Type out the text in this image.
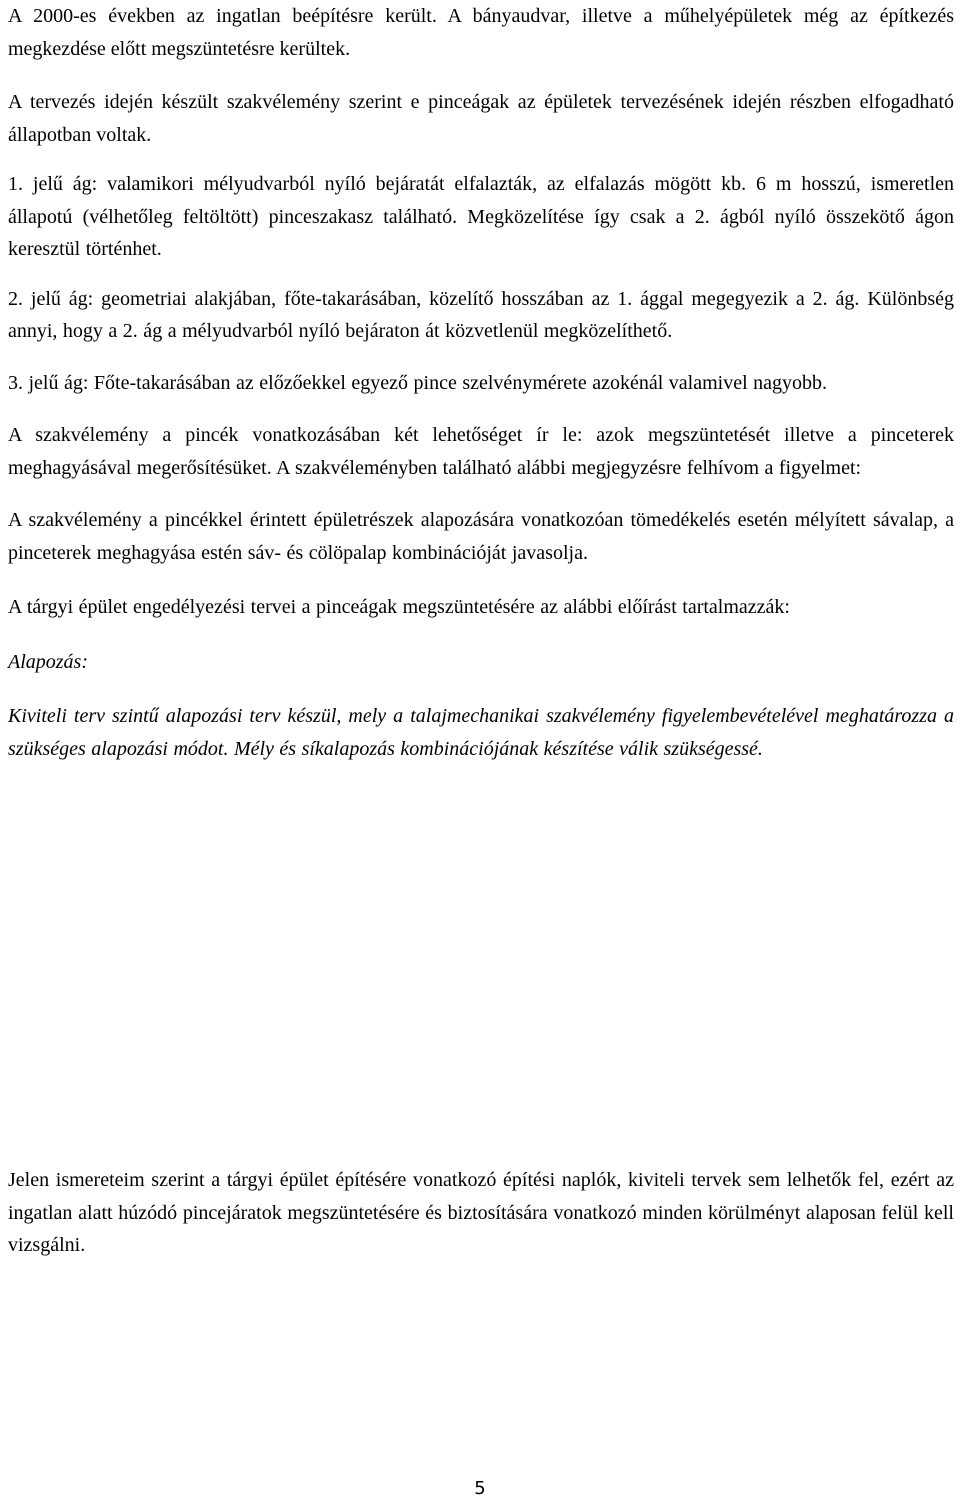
A 2000-es években az ingatlan beépítésre került. A bányaudvar, illetve a műhelyépületek még az építkezés megkezdése előtt megszüntetésre kerültek.

A tervezés idején készült szakvélemény szerint e pinceágak az épületek tervezésének idején részben elfogadható állapotban voltak.

1. jelű ág: valamikori mélyudvarból nyíló bejáratát elfalazták, az elfalazás mögött kb. 6 m hosszú, ismeretlen állapotú (vélhetőleg feltöltött) pinceszakasz található. Megközelítése így csak a 2. ágból nyíló összekötő ágon keresztül történhet.

2. jelű ág: geometriai alakjában, főte-takarásában, közelítő hosszában az 1. ággal megegyezik a 2. ág. Különbség annyi, hogy a 2. ág a mélyudvarból nyíló bejáraton át közvetlenül megközelíthető.

3. jelű ág: Főte-takarásában az előzőekkel egyező pince szelvénymérete azokénál valamivel nagyobb.

A szakvélemény a pincék vonatkozásában két lehetőséget ír le: azok megszüntetését illetve a pinceterek meghagyásával megerősítésüket. A szakvéleményben található alábbi megjegyzésre felhívom a figyelmet:

A szakvélemény a pincékkel érintett épületrészek alapozására vonatkozóan tömedékelés esetén mélyített sávalap, a pinceterek meghagyása estén sáv- és cölöpalap kombinációját javasolja.

A tárgyi épület engedélyezési tervei a pinceágak megszüntetésére az alábbi előírást tartalmazzák:

Alapozás:

Kiviteli terv szintű alapozási terv készül, mely a talajmechanikai szakvélemény figyelembevételével meghatározza a szükséges alapozási módot. Mély és síkalapozás kombinációjának készítése válik szükségessé.

Jelen ismereteim szerint a tárgyi épület építésére vonatkozó építési naplók, kiviteli tervek sem lelhetők fel, ezért az ingatlan alatt húzódó pincejáratok megszüntetésére és biztosítására vonatkozó minden körülményt alaposan felül kell vizsgálni.

5
